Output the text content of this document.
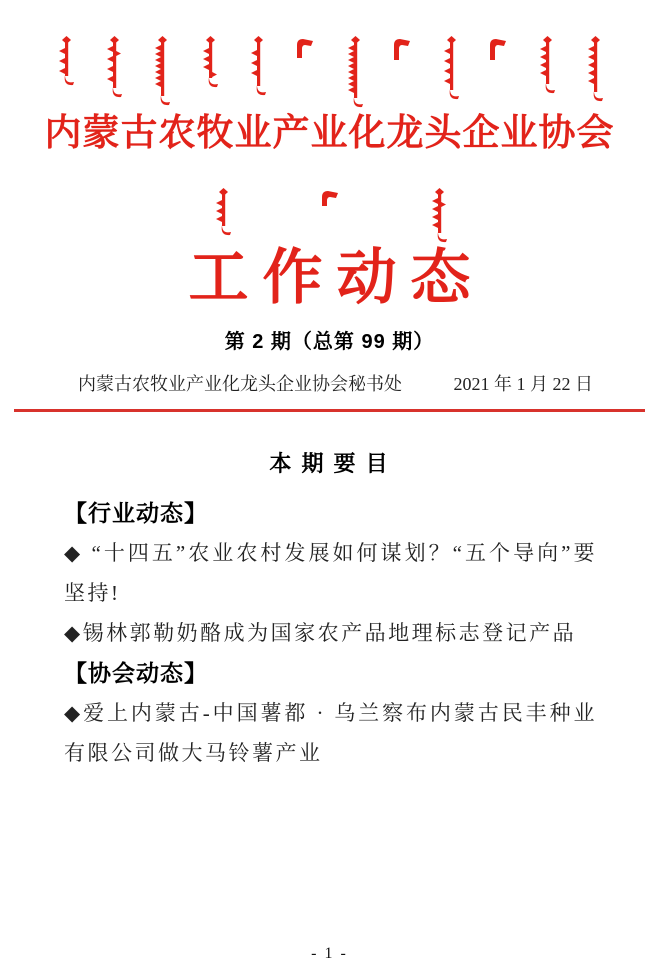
内蒙古农牧业产业化龙头企业协会
工作动态
第 2 期（总第 99 期）
内蒙古农牧业产业化龙头企业协会秘书处	2021 年 1 月 22 日
本 期 要 目
【行业动态】

◆ “十四五”农业农村发展如何谋划？“五个导向”要坚持!

◆锡林郭勒奶酪成为国家农产品地理标志登记产品

【协会动态】

◆爱上内蒙古-中国薯都 · 乌兰察布内蒙古民丰种业有限公司做大马铃薯产业

- 1 -
